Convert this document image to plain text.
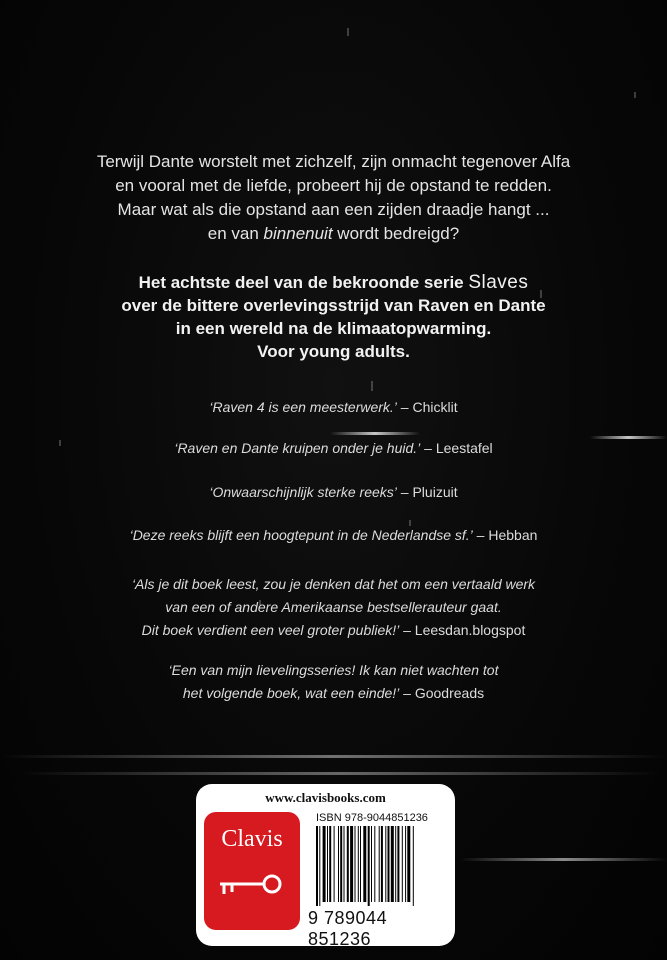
Terwijl Dante worstelt met zichzelf, zijn onmacht tegenover Alfa

en vooral met de liefde, probeert hij de opstand te redden.

Maar wat als die opstand aan een zijden draadje hangt ...

en van binnenuit wordt bedreigd?

Het achtste deel van de bekroonde serie Slaves

over de bittere overlevingsstrijd van Raven en Dante

in een wereld na de klimaatopwarming.

Voor young adults.

‘Raven 4 is een meesterwerk.’ – Chicklit

‘Raven en Dante kruipen onder je huid.’ – Leestafel

‘Onwaarschijnlijk sterke reeks’ – Pluizuit

‘Deze reeks blijft een hoogtepunt in de Nederlandse sf.’ – Hebban

‘Als je dit boek leest, zou je denken dat het om een vertaald werk

van een of andere Amerikaanse bestsellerauteur gaat.

Dit boek verdient een veel groter publiek!’ – Leesdan.blogspot

‘Een van mijn lievelingsseries! Ik kan niet wachten tot

het volgende boek, wat een einde!’ – Goodreads

www.clavisbooks.com
Clavis
ISBN 978-9044851236
9 789044 851236
